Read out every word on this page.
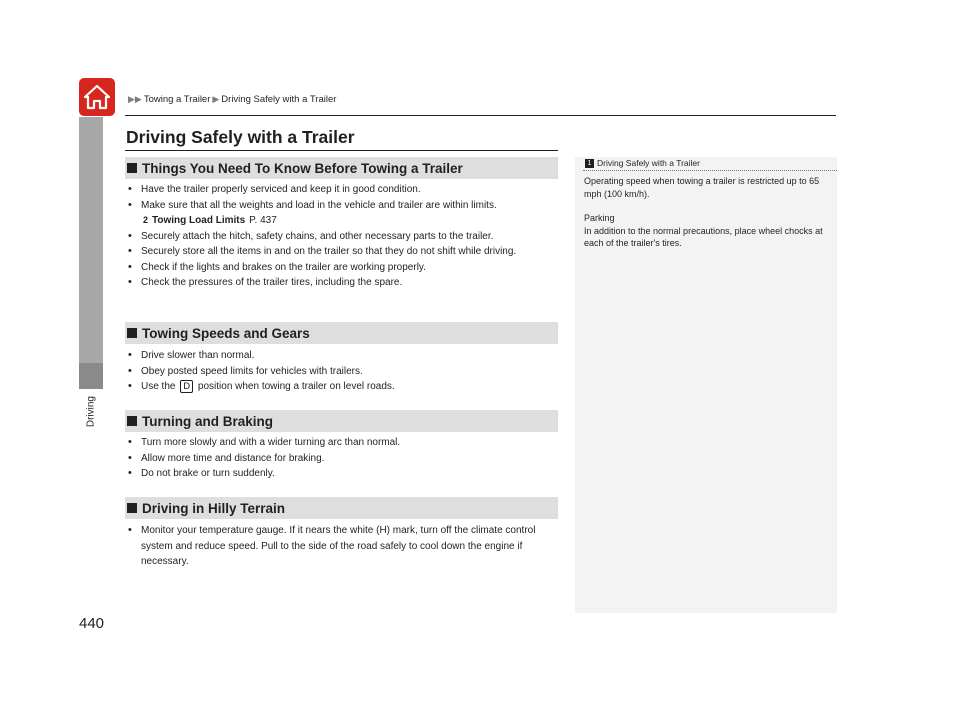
▶▶ Towing a Trailer ▶ Driving Safely with a Trailer
Driving
440
Driving Safely with a Trailer
Things You Need To Know Before Towing a Trailer
• Have the trailer properly serviced and keep it in good condition.
• Make sure that all the weights and load in the vehicle and trailer are within limits.
2 Towing Load Limits P. 437
• Securely attach the hitch, safety chains, and other necessary parts to the trailer.
• Securely store all the items in and on the trailer so that they do not shift while driving.
• Check if the lights and brakes on the trailer are working properly.
• Check the pressures of the trailer tires, including the spare.
Towing Speeds and Gears
• Drive slower than normal.
• Obey posted speed limits for vehicles with trailers.
• Use the D position when towing a trailer on level roads.
Turning and Braking
• Turn more slowly and with a wider turning arc than normal.
• Allow more time and distance for braking.
• Do not brake or turn suddenly.
Driving in Hilly Terrain
• Monitor your temperature gauge. If it nears the white (H) mark, turn off the climate control system and reduce speed. Pull to the side of the road safely to cool down the engine if necessary.
1 Driving Safely with a Trailer

Operating speed when towing a trailer is restricted up to 65 mph (100 km/h).

Parking

In addition to the normal precautions, place wheel chocks at each of the trailer's tires.
